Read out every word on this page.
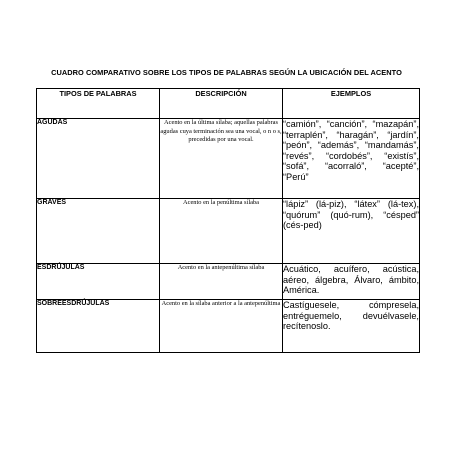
CUADRO COMPARATIVO SOBRE LOS TIPOS DE PALABRAS SEGÚN LA UBICACIÓN DEL ACENTO
TIPOS DE PALABRAS	DESCRIPCIÓN	EJEMPLOS
AGUDAS	Acento en la última sílaba; aquellas palabras agudas cuya terminación sea una vocal, o n o s, precedidas por una vocal.	“camión”, “canción”, “mazapán”, “terraplén”, “haragán”, “jardín”, “peón”, “además”, “mandamás”, “revés”, “cordobés”, “existís”, “sofá”, “acorraló”, “acepté”, “Perú”
GRAVES	Acento en la penúltima sílaba	“lápiz” (lá-piz), “látex” (lá-tex), “quórum” (quó-rum), “césped” (cés-ped)
ESDRÚJULAS	Acento en la antepenúltima sílaba	Acuático, acuífero, acústica, aéreo, álgebra, Álvaro, ámbito, América.
SOBREESDRÚJULAS	Acento en la sílaba anterior a la antepenúltima	Castíguesele, cómpresela, entréguemelo, devuélvasele, recítenoslo.
